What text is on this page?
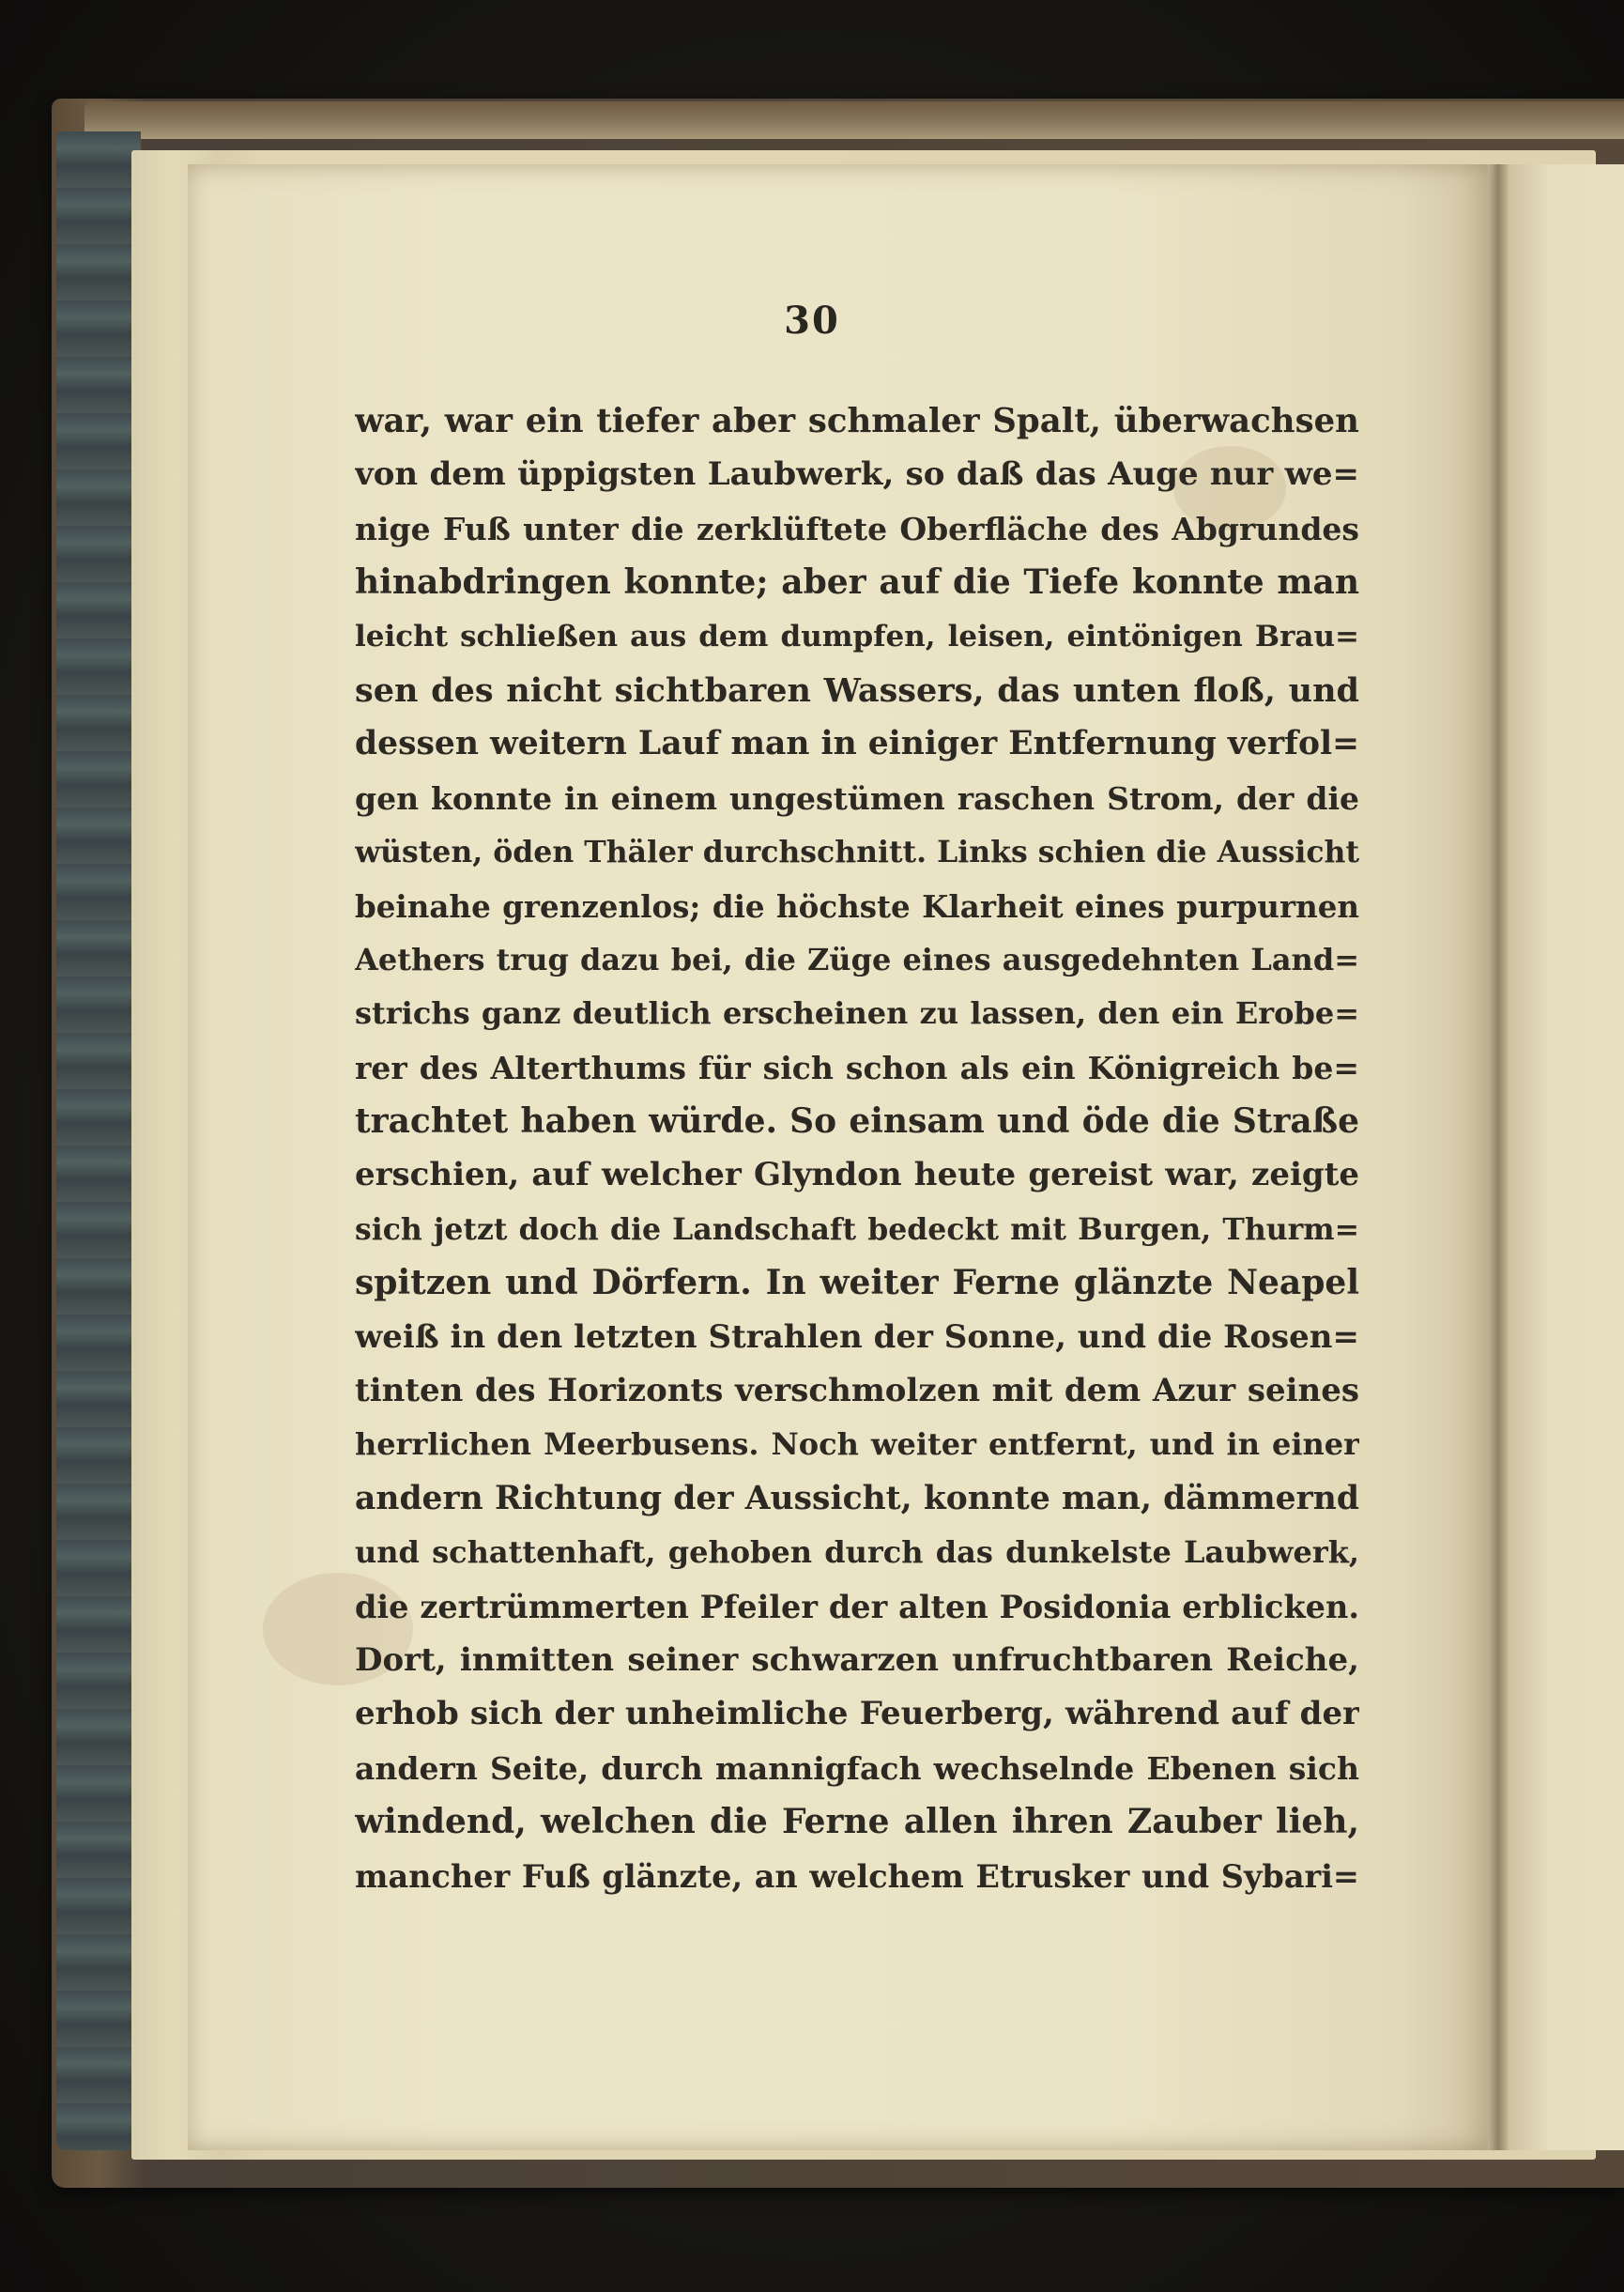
30
war, war ein tiefer aber schmaler Spalt, überwachsen
von dem üppigsten Laubwerk, so daß das Auge nur we=
nige Fuß unter die zerklüftete Oberfläche des Abgrundes
hinabdringen konnte; aber auf die Tiefe konnte man
leicht schließen aus dem dumpfen, leisen, eintönigen Brau=
sen des nicht sichtbaren Wassers, das unten floß, und
dessen weitern Lauf man in einiger Entfernung verfol=
gen konnte in einem ungestümen raschen Strom, der die
wüsten, öden Thäler durchschnitt. Links schien die Aussicht
beinahe grenzenlos; die höchste Klarheit eines purpurnen
Aethers trug dazu bei, die Züge eines ausgedehnten Land=
strichs ganz deutlich erscheinen zu lassen, den ein Erobe=
rer des Alterthums für sich schon als ein Königreich be=
trachtet haben würde. So einsam und öde die Straße
erschien, auf welcher Glyndon heute gereist war, zeigte
sich jetzt doch die Landschaft bedeckt mit Burgen, Thurm=
spitzen und Dörfern. In weiter Ferne glänzte Neapel
weiß in den letzten Strahlen der Sonne, und die Rosen=
tinten des Horizonts verschmolzen mit dem Azur seines
herrlichen Meerbusens. Noch weiter entfernt, und in einer
andern Richtung der Aussicht, konnte man, dämmernd
und schattenhaft, gehoben durch das dunkelste Laubwerk,
die zertrümmerten Pfeiler der alten Posidonia erblicken.
Dort, inmitten seiner schwarzen unfruchtbaren Reiche,
erhob sich der unheimliche Feuerberg, während auf der
andern Seite, durch mannigfach wechselnde Ebenen sich
windend, welchen die Ferne allen ihren Zauber lieh,
mancher Fuß glänzte, an welchem Etrusker und Sybari=
